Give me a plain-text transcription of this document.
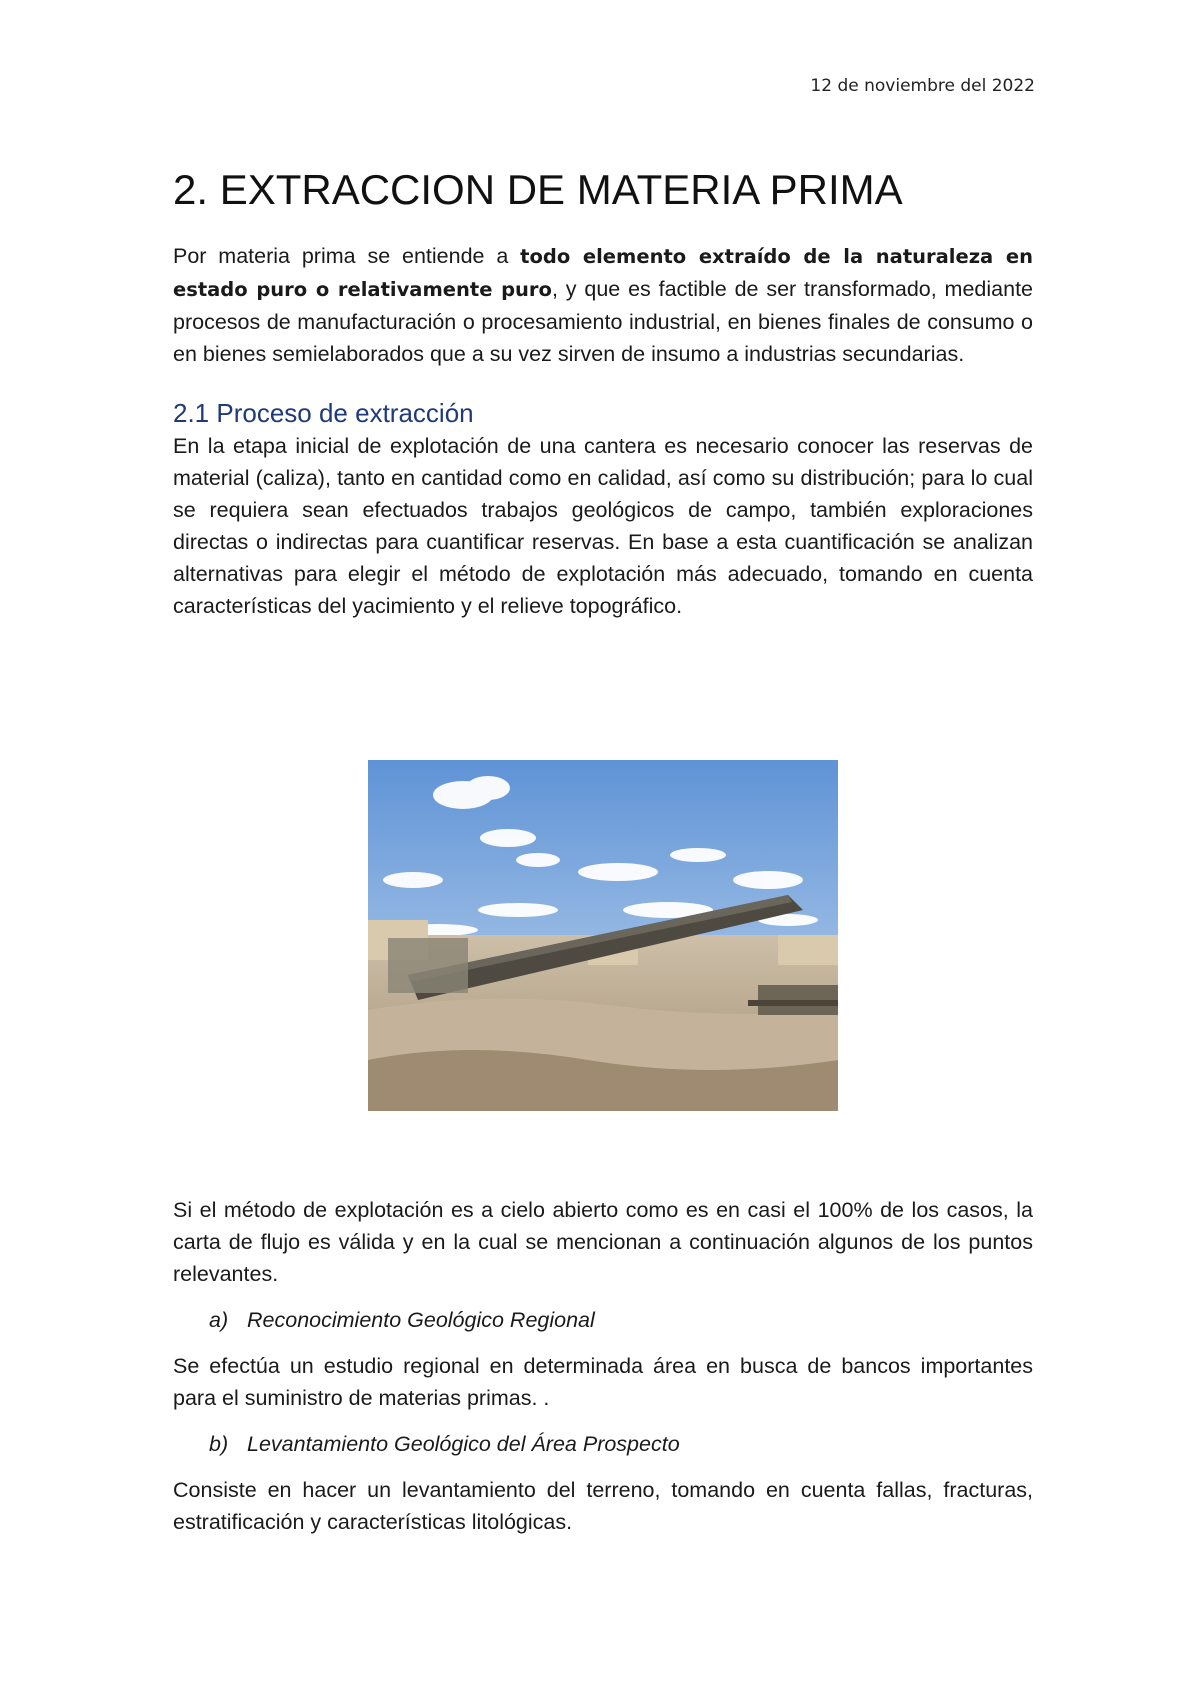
12 de noviembre del 2022
2. EXTRACCION DE MATERIA PRIMA

Por materia prima se entiende a todo elemento extraído de la naturaleza en estado puro o relativamente puro, y que es factible de ser transformado, mediante procesos de manufacturación o procesamiento industrial, en bienes finales de consumo o en bienes semielaborados que a su vez sirven de insumo a industrias secundarias.

2.1 Proceso de extracción

En la etapa inicial de explotación de una cantera es necesario conocer las reservas de material (caliza), tanto en cantidad como en calidad, así como su distribución; para lo cual se requiera sean efectuados trabajos geológicos de campo, también exploraciones directas o indirectas para cuantificar reservas. En base a esta cuantificación se analizan alternativas para elegir el método de explotación más adecuado, tomando en cuenta características del yacimiento y el relieve topográfico.

Si el método de explotación es a cielo abierto como es en casi el 100% de los casos, la carta de flujo es válida y en la cual se mencionan a continuación algunos de los puntos relevantes.

a) Reconocimiento Geológico Regional

Se efectúa un estudio regional en determinada área en busca de bancos importantes para el suministro de materias primas. .

b) Levantamiento Geológico del Área Prospecto

Consiste en hacer un levantamiento del terreno, tomando en cuenta fallas, fracturas, estratificación y características litológicas.
